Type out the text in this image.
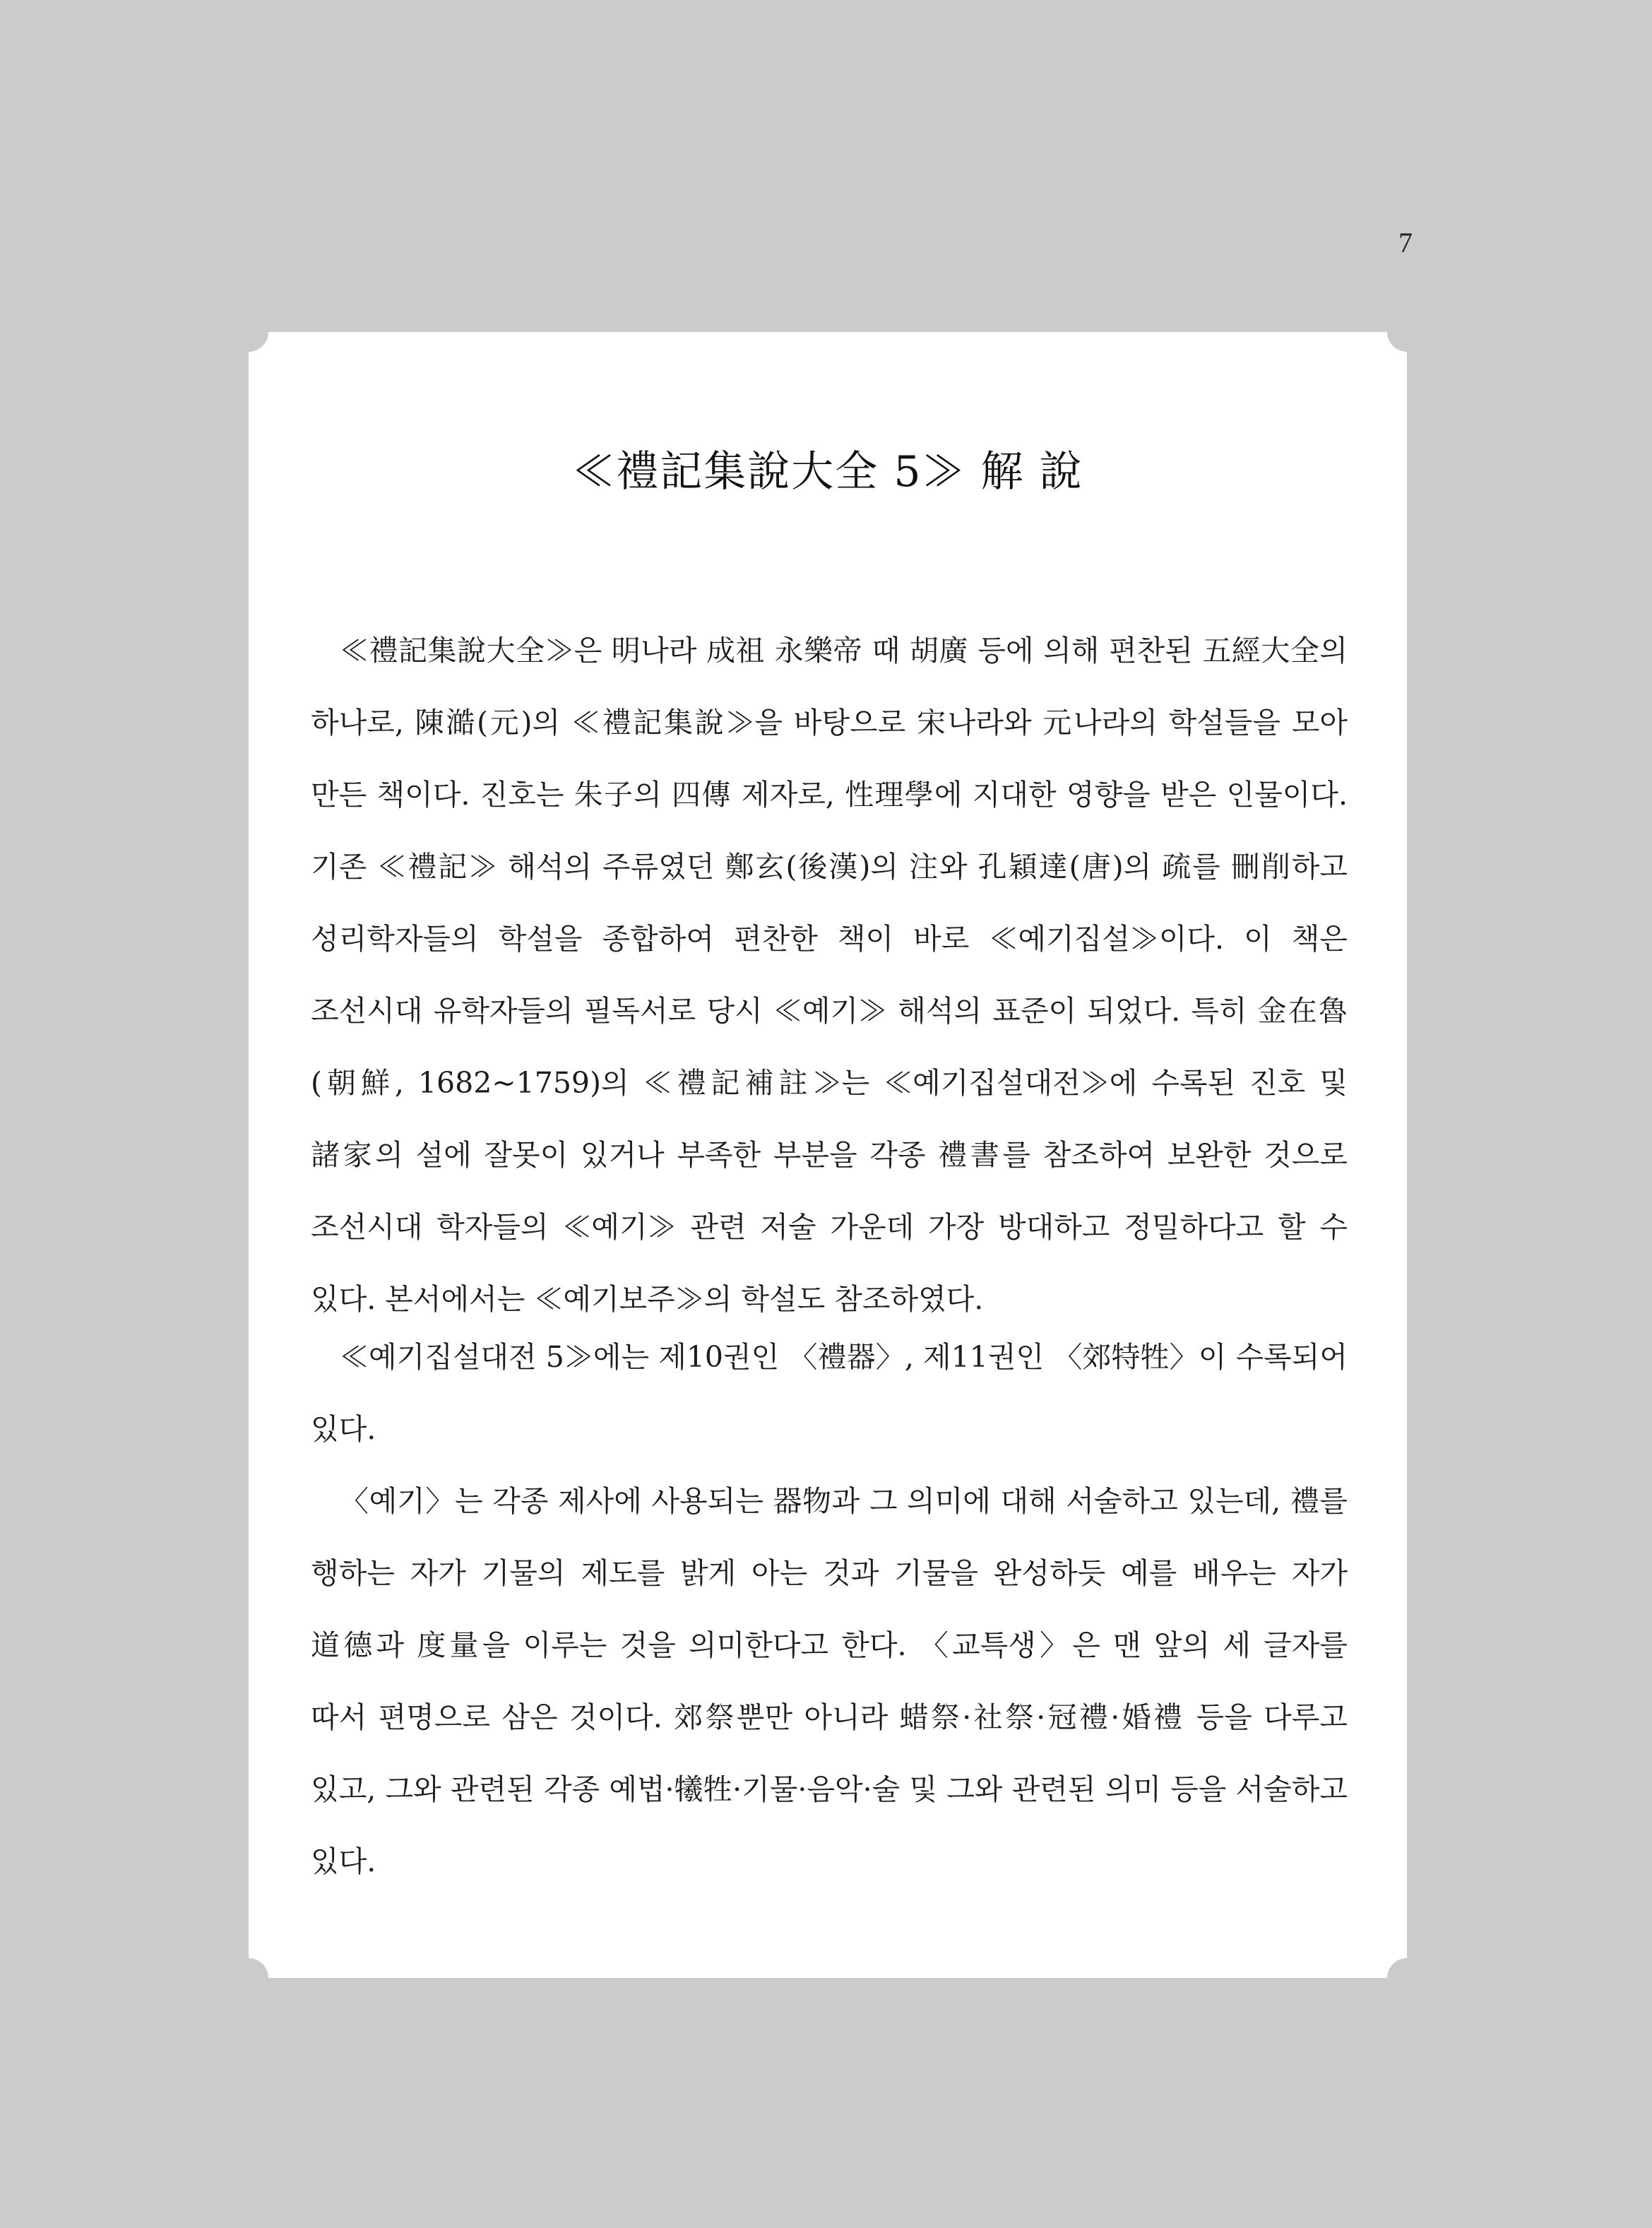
7
≪禮記集說大全 5≫ 解 說

≪禮記集說大全≫은 明나라 成祖 永樂帝 때 胡廣 등에 의해 편찬된 五經大全의 하나로, 陳澔(元)의 ≪禮記集說≫을 바탕으로 宋나라와 元나라의 학설들을 모아 만든 책이다. 진호는 朱子의 四傳 제자로, 性理學에 지대한 영향을 받은 인물이다. 기존 ≪禮記≫ 해석의 주류였던 鄭玄(後漢)의 注와 孔穎達(唐)의 疏를 刪削하고 성리학자들의 학설을 종합하여 편찬한 책이 바로 ≪예기집설≫이다. 이 책은 조선시대 유학자들의 필독서로 당시 ≪예기≫ 해석의 표준이 되었다. 특히 金在魯(朝鮮, 1682~1759)의 ≪禮記補註≫는 ≪예기집설대전≫에 수록된 진호 및 諸家의 설에 잘못이 있거나 부족한 부분을 각종 禮書를 참조하여 보완한 것으로 조선시대 학자들의 ≪예기≫ 관련 저술 가운데 가장 방대하고 정밀하다고 할 수 있다. 본서에서는 ≪예기보주≫의 학설도 참조하였다.

≪예기집설대전 5≫에는 제10권인 〈禮器〉, 제11권인 〈郊特牲〉이 수록되어 있다.

〈예기〉는 각종 제사에 사용되는 器物과 그 의미에 대해 서술하고 있는데, 禮를 행하는 자가 기물의 제도를 밝게 아는 것과 기물을 완성하듯 예를 배우는 자가 道德과 度量을 이루는 것을 의미한다고 한다. 〈교특생〉은 맨 앞의 세 글자를 따서 편명으로 삼은 것이다. 郊祭뿐만 아니라 蜡祭·社祭·冠禮·婚禮 등을 다루고 있고, 그와 관련된 각종 예법·犧牲·기물·음악·술 및 그와 관련된 의미 등을 서술하고 있다.
